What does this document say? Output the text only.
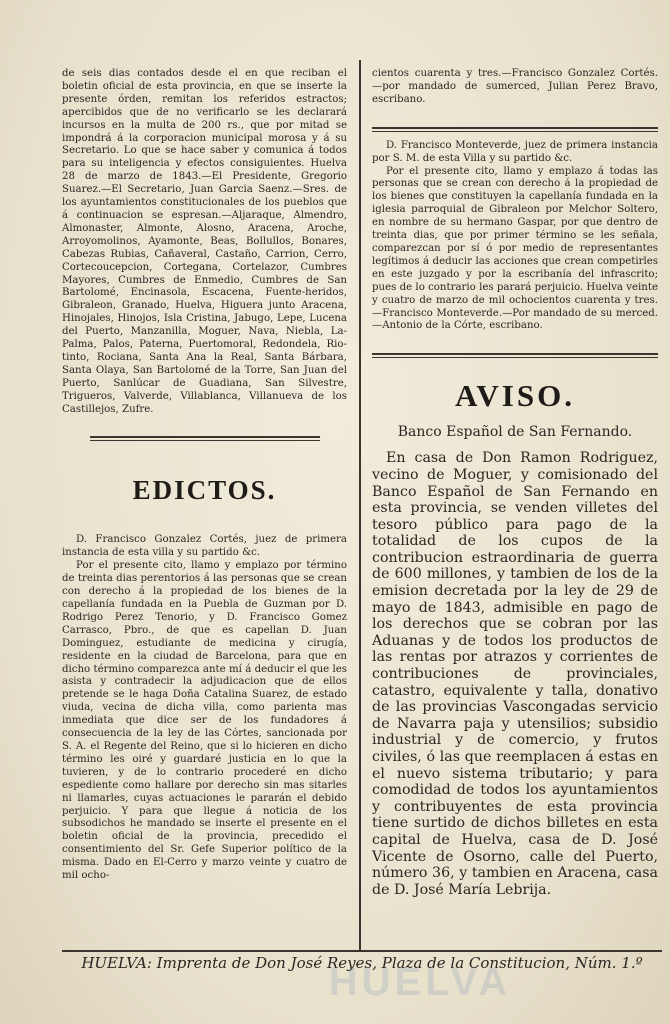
de seis dias contados desde el en que reciban el boletin oficial de esta provincia, en que se inserte la presente órden, remitan los referidos estractos; apercibidos que de no verificarlo se les declarará incursos en la multa de 200 rs., que por mitad se impondrá á la corporacion municipal morosa y á su Secretario. Lo que se hace saber y comunica á todos para su inteligencia y efectos consiguientes. Huelva 28 de marzo de 1843.—El Presidente, Gregorio Suarez.—El Secretario, Juan Garcia Saenz.—Sres. de los ayuntamientos constitucionales de los pueblos que á continuacion se espresan.—Aljaraque, Almendro, Almonaster, Almonte, Alosno, Aracena, Aroche, Arroyomolinos, Ayamonte, Beas, Bollullos, Bonares, Cabezas Rubias, Cañaveral, Castaño, Carrion, Cerro, Cortecoucepcion, Cortegana, Cortelazor, Cumbres Mayores, Cumbres de Enmedio, Cumbres de San Bartolomé, Encinasola, Escacena, Fuente-heridos, Gibraleon, Granado, Huelva, Higuera junto Aracena, Hinojales, Hinojos, Isla Cristina, Jabugo, Lepe, Lucena del Puerto, Manzanilla, Moguer, Nava, Niebla, La-Palma, Palos, Paterna, Puertomoral, Redondela, Rio-tinto, Rociana, Santa Ana la Real, Santa Bárbara, Santa Olaya, San Bartolomé de la Torre, San Juan del Puerto, Sanlúcar de Guadiana, San Silvestre, Trigueros, Valverde, Villablanca, Villanueva de los Castillejos, Zufre.

EDICTOS.

D. Francisco Gonzalez Cortés, juez de primera instancia de esta villa y su partido &c.

Por el presente cito, llamo y emplazo por término de treinta dias perentorios á las personas que se crean con derecho á la propiedad de los bienes de la capellanía fundada en la Puebla de Guzman por D. Rodrigo Perez Tenorio, y D. Francisco Gomez Carrasco, Pbro., de que es capellan D. Juan Dominguez, estudiante de medicina y cirugía, residente en la ciudad de Barcelona, para que en dicho término comparezca ante mí á deducir el que les asista y contradecir la adjudicacion que de ellos pretende se le haga Doña Catalina Suarez, de estado viuda, vecina de dicha villa, como parienta mas inmediata que dice ser de los fundadores á consecuencia de la ley de las Córtes, sancionada por S. A. el Regente del Reino, que si lo hicieren en dicho término les oiré y guardaré justicia en lo que la tuvieren, y de lo contrario procederé en dicho espediente como hallare por derecho sin mas sitarles ni llamarles, cuyas actuaciones le pararán el debido perjuicio. Y para que llegue á noticia de los subsodichos he mandado se inserte el presente en el boletin oficial de la provincia, precedido el consentimiento del Sr. Gefe Superior político de la misma. Dado en El-Cerro y marzo veinte y cuatro de mil ocho-

cientos cuarenta y tres.—Francisco Gonzalez Cortés. —por mandado de sumerced, Julian Perez Bravo, escribano.

D. Francisco Monteverde, juez de primera instancia por S. M. de esta Villa y su partido &c.

Por el presente cito, llamo y emplazo á todas las personas que se crean con derecho á la propiedad de los bienes que constituyen la capellanía fundada en la iglesia parroquial de Gibraleon por Melchor Soltero, en nombre de su hermano Gaspar, por que dentro de treinta dias, que por primer término se les señala, comparezcan por sí ó por medio de representantes legítimos á deducir las acciones que crean competirles en este juzgado y por la escribanía del infrascrito; pues de lo contrario les parará perjuicio. Huelva veinte y cuatro de marzo de mil ochocientos cuarenta y tres.—Francisco Monteverde.—Por mandado de su merced.—Antonio de la Córte, escribano.

AVISO.
Banco Español de San Fernando.

En casa de Don Ramon Rodriguez, vecino de Moguer, y comisionado del Banco Español de San Fernando en esta provincia, se venden villetes del tesoro público para pago de la totalidad de los cupos de la contribucion estraordinaria de guerra de 600 millones, y tambien de los de la emision decretada por la ley de 29 de mayo de 1843, admisible en pago de los derechos que se cobran por las Aduanas y de todos los productos de las rentas por atrazos y corrientes de contribuciones de provinciales, catastro, equivalente y talla, donativo de las provincias Vascongadas servicio de Navarra paja y utensilios; subsidio industrial y de comercio, y frutos civiles, ó las que reemplacen á estas en el nuevo sistema tributario; y para comodidad de todos los ayuntamientos y contribuyentes de esta provincia tiene surtido de dichos billetes en esta capital de Huelva, casa de D. José Vicente de Osorno, calle del Puerto, número 36, y tambien en Aracena, casa de D. José María Lebrija.

HUELVA: Imprenta de Don José Reyes, Plaza de la Constitucion, Núm. 1.º
HUELVA
